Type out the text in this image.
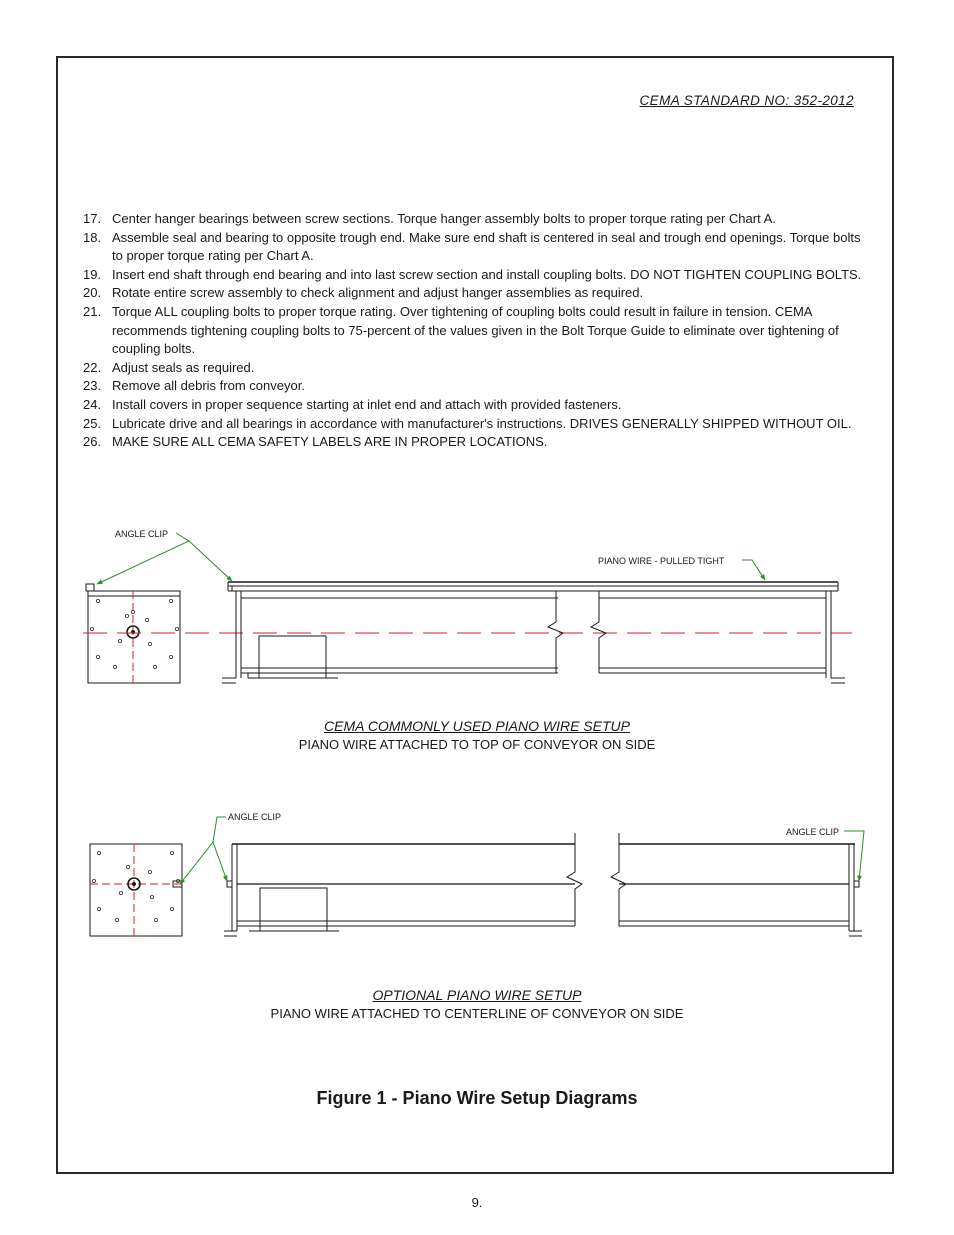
CEMA STANDARD NO: 352-2012
17. Center hanger bearings between screw sections. Torque hanger assembly bolts to proper torque rating per Chart A.
18. Assemble seal and bearing to opposite trough end. Make sure end shaft is centered in seal and trough end openings. Torque bolts to proper torque rating per Chart A.
19. Insert end shaft through end bearing and into last screw section and install coupling bolts. DO NOT TIGHTEN COUPLING BOLTS.
20. Rotate entire screw assembly to check alignment and adjust hanger assemblies as required.
21. Torque ALL coupling bolts to proper torque rating. Over tightening of coupling bolts could result in failure in tension. CEMA recommends tightening coupling bolts to 75-percent of the values given in the Bolt Torque Guide to eliminate over tightening of coupling bolts.
22. Adjust seals as required.
23. Remove all debris from conveyor.
24. Install covers in proper sequence starting at inlet end and attach with provided fasteners.
25. Lubricate drive and all bearings in accordance with manufacturer's instructions. DRIVES GENERALLY SHIPPED WITHOUT OIL.
26. MAKE SURE ALL CEMA SAFETY LABELS ARE IN PROPER LOCATIONS.
ANGLE CLIP
PIANO WIRE - PULLED TIGHT
ANGLE CLIP
ANGLE CLIP
CEMA COMMONLY USED PIANO WIRE SETUP
PIANO WIRE ATTACHED TO TOP OF CONVEYOR ON SIDE
OPTIONAL PIANO WIRE SETUP
PIANO WIRE ATTACHED TO CENTERLINE OF CONVEYOR ON SIDE
Figure 1 - Piano Wire Setup Diagrams
9.
